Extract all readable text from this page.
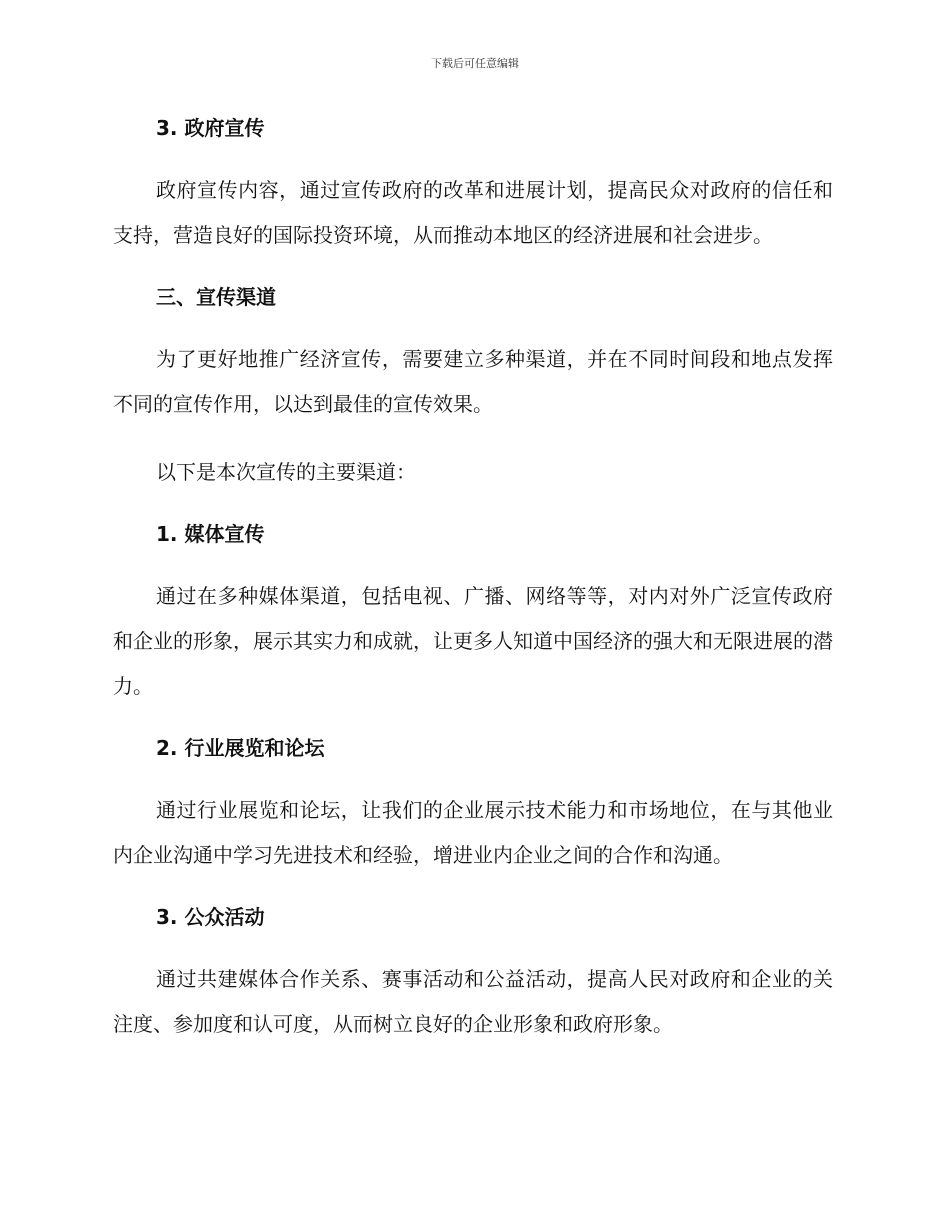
下载后可任意编辑

3. 政府宣传

政府宣传内容，通过宣传政府的改革和进展计划，提高民众对政府的信任和支持，营造良好的国际投资环境，从而推动本地区的经济进展和社会进步。

三、宣传渠道

为了更好地推广经济宣传，需要建立多种渠道，并在不同时间段和地点发挥不同的宣传作用，以达到最佳的宣传效果。

以下是本次宣传的主要渠道：

1. 媒体宣传

通过在多种媒体渠道，包括电视、广播、网络等等，对内对外广泛宣传政府和企业的形象，展示其实力和成就，让更多人知道中国经济的强大和无限进展的潜力。

2. 行业展览和论坛

通过行业展览和论坛，让我们的企业展示技术能力和市场地位，在与其他业内企业沟通中学习先进技术和经验，增进业内企业之间的合作和沟通。

3. 公众活动

通过共建媒体合作关系、赛事活动和公益活动，提高人民对政府和企业的关注度、参加度和认可度，从而树立良好的企业形象和政府形象。
